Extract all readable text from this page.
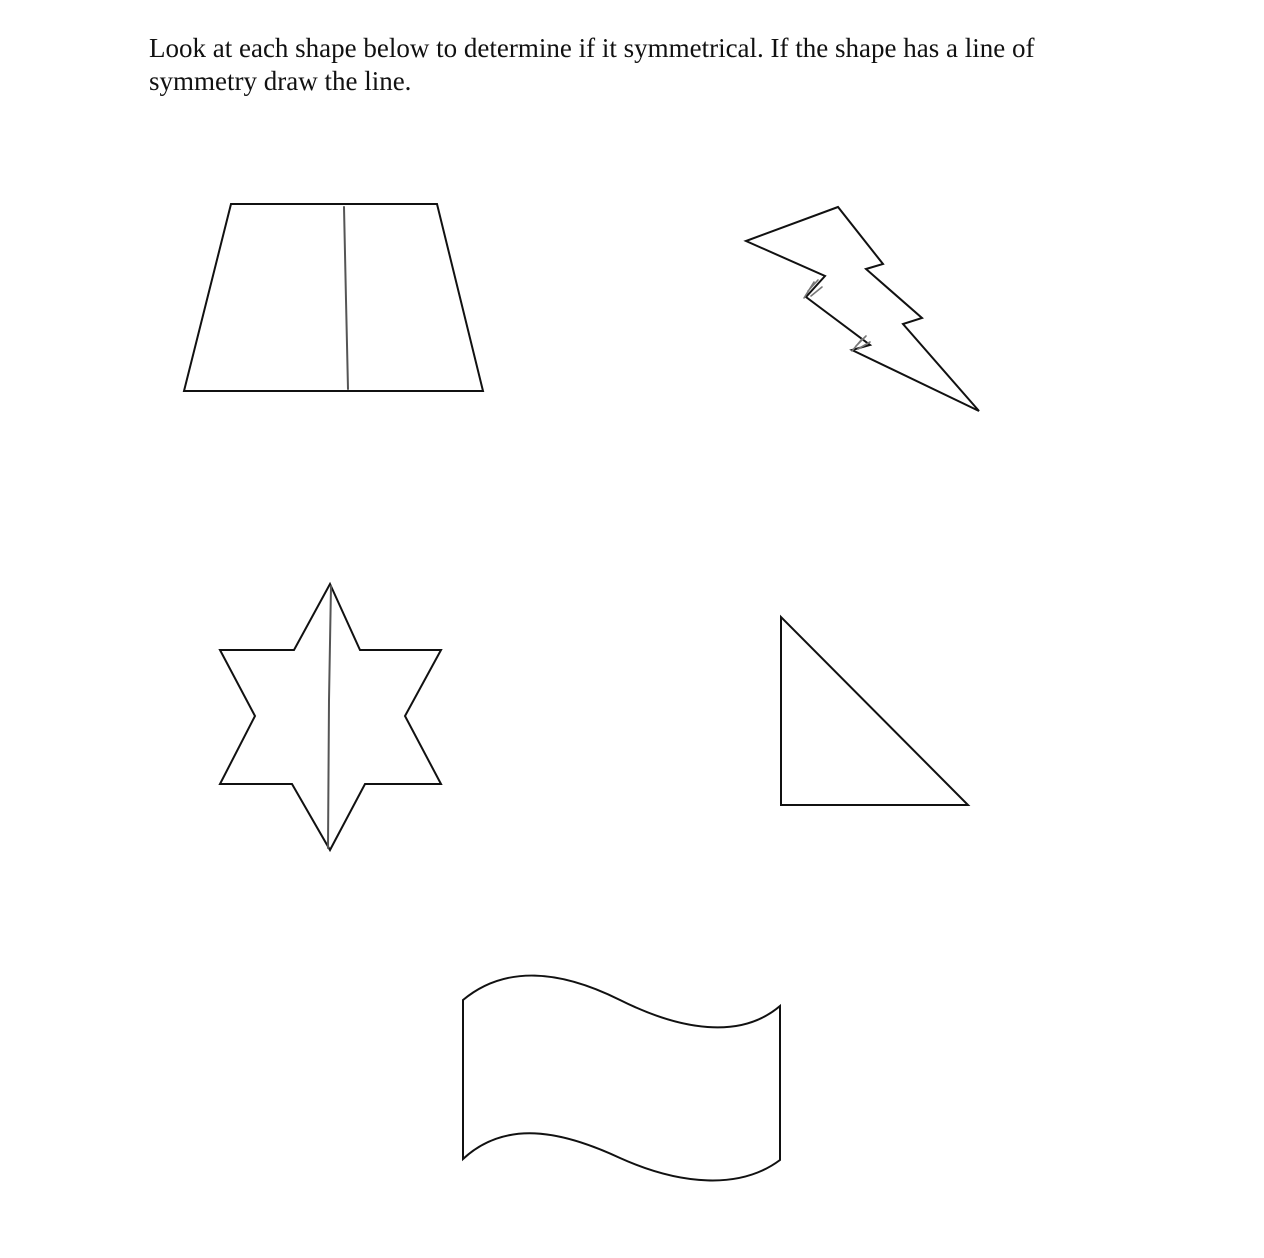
Look at each shape below to determine if it symmetrical. If the shape has a line of symmetry draw the line.
